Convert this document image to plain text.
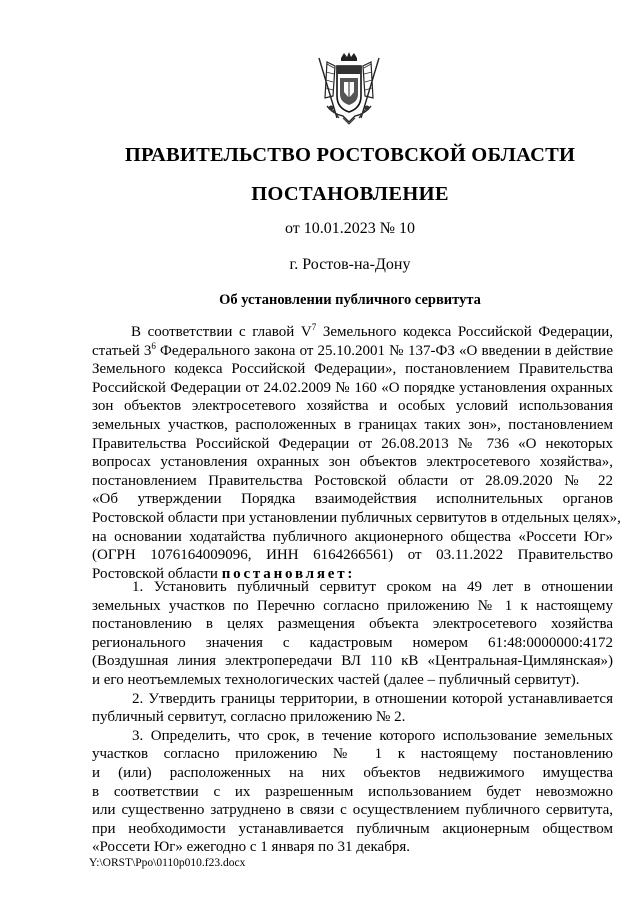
ПРАВИТЕЛЬСТВО РОСТОВСКОЙ ОБЛАСТИ
ПОСТАНОВЛЕНИЕ
от 10.01.2023 № 10
г. Ростов-на-Дону
Об установлении публичного сервитута
В соответствии с главой $V^7$ Земельного кодекса Российской Федерации,
статьей $3^6$ Федерального закона от 25.10.2001 № 137-ФЗ «О введении в действие
Земельного кодекса Российской Федерации», постановлением Правительства
Российской Федерации от 24.02.2009 № 160 «О порядке установления охранных
зон объектов электросетевого хозяйства и особых условий использования
земельных участков, расположенных в границах таких зон», постановлением
Правительства Российской Федерации от 26.08.2013 № 736 «О некоторых
вопросах установления охранных зон объектов электросетевого хозяйства»,
постановлением Правительства Ростовской области от 28.09.2020 № 22
«Об утверждении Порядка взаимодействия исполнительных органов
Ростовской области при установлении публичных сервитутов в отдельных целях»,
на основании ходатайства публичного акционерного общества «Россети Юг»
(ОГРН 1076164009096, ИНН 6164266561) от 03.11.2022 Правительство
Ростовской области постановляет:
1. Установить публичный сервитут сроком на 49 лет в отношении
земельных участков по Перечню согласно приложению № 1 к настоящему
постановлению в целях размещения объекта электросетевого хозяйства
регионального значения с кадастровым номером 61:48:0000000:4172
(Воздушная линия электропередачи ВЛ 110 кВ «Центральная-Цимлянская»)
и его неотъемлемых технологических частей (далее – публичный сервитут).
2. Утвердить границы территории, в отношении которой устанавливается
публичный сервитут, согласно приложению № 2.
3. Определить, что срок, в течение которого использование земельных
участков согласно приложению № 1 к настоящему постановлению
и (или) расположенных на них объектов недвижимого имущества
в соответствии с их разрешенным использованием будет невозможно
или существенно затруднено в связи с осуществлением публичного сервитута,
при необходимости устанавливается публичным акционерным обществом
«Россети Юг» ежегодно с 1 января по 31 декабря.
Y:\ORST\Ppo\0110p010.f23.docx
